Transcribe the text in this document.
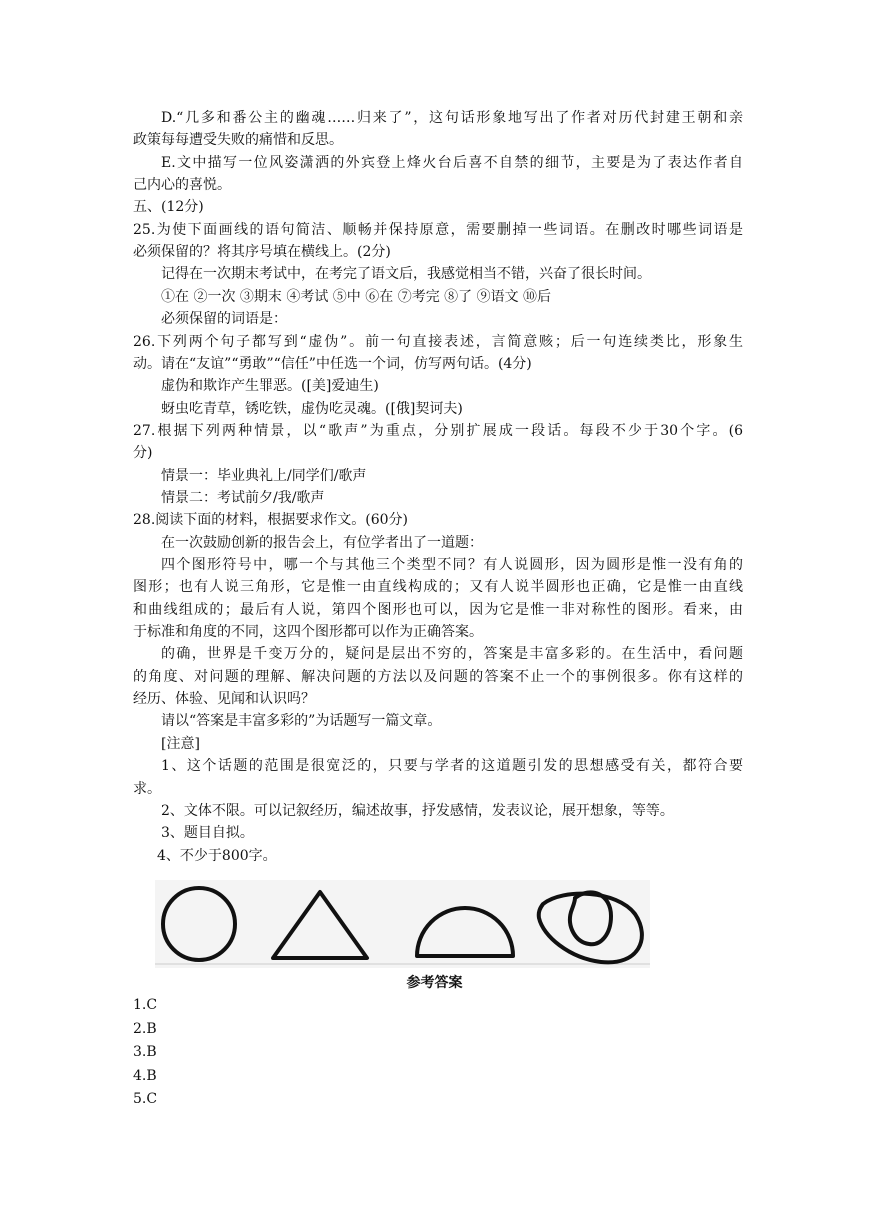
D.“几多和番公主的幽魂……归来了”，这句话形象地写出了作者对历代封建王朝和亲
政策每每遭受失败的痛惜和反思。
E.文中描写一位风姿潇洒的外宾登上烽火台后喜不自禁的细节，主要是为了表达作者自
己内心的喜悦。
五、(12分)
25.为使下面画线的语句简洁、顺畅并保持原意，需要删掉一些词语。在删改时哪些词语是
必须保留的？将其序号填在横线上。(2分)
记得在一次期末考试中，在考完了语文后，我感觉相当不错，兴奋了很长时间。
①在 ②一次 ③期末 ④考试 ⑤中 ⑥在 ⑦考完 ⑧了 ⑨语文 ⑩后
必须保留的词语是：
26.下列两个句子都写到“虚伪”。前一句直接表述，言简意赅；后一句连续类比，形象生
动。请在“友谊”“勇敢”“信任”中任选一个词，仿写两句话。(4分)
虚伪和欺诈产生罪恶。([美]爱迪生)
蚜虫吃青草，锈吃铁，虚伪吃灵魂。([俄]契诃夫)
27.根据下列两种情景，以“歌声”为重点，分别扩展成一段话。每段不少于30个字。(6
分)
情景一：毕业典礼上/同学们/歌声
情景二：考试前夕/我/歌声
28.阅读下面的材料，根据要求作文。(60分)
在一次鼓励创新的报告会上，有位学者出了一道题：
四个图形符号中，哪一个与其他三个类型不同？有人说圆形，因为圆形是惟一没有角的
图形；也有人说三角形，它是惟一由直线构成的；又有人说半圆形也正确，它是惟一由直线
和曲线组成的；最后有人说，第四个图形也可以，因为它是惟一非对称性的图形。看来，由
于标准和角度的不同，这四个图形都可以作为正确答案。
的确，世界是千变万分的，疑问是层出不穷的，答案是丰富多彩的。在生活中，看问题
的角度、对问题的理解、解决问题的方法以及问题的答案不止一个的事例很多。你有这样的
经历、体验、见闻和认识吗？
请以“答案是丰富多彩的”为话题写一篇文章。
[注意]
1、这个话题的范围是很宽泛的，只要与学者的这道题引发的思想感受有关，都符合要
求。
2、文体不限。可以记叙经历，编述故事，抒发感情，发表议论，展开想象，等等。
3、题目自拟。
4、不少于800字。
参考答案
1.C
2.B
3.B
4.B
5.C
